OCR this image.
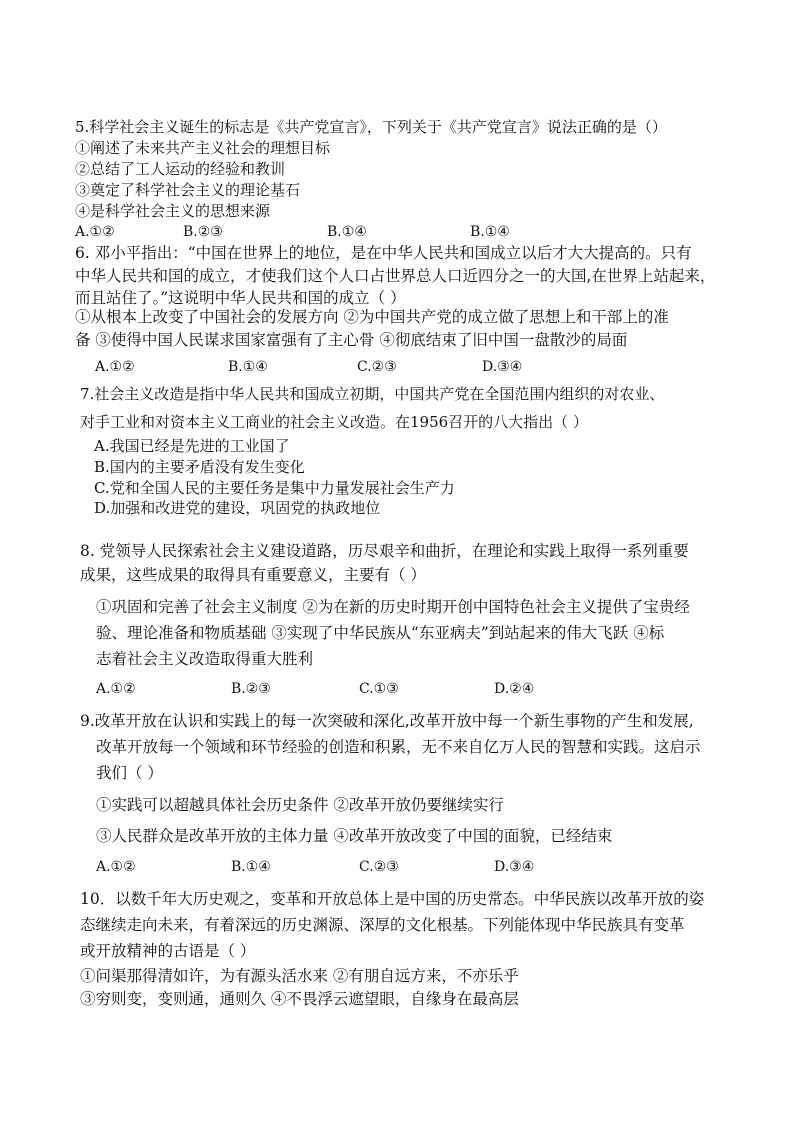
5.科学社会主义诞生的标志是《共产党宣言》，下列关于《共产党宣言》说法正确的是（）
①阐述了未来共产主义社会的理想目标
②总结了工人运动的经验和教训
③奠定了科学社会主义的理论基石
④是科学社会主义的思想来源
A.①②	B.②③	B.①④	B.①④
6. 邓小平指出：“中国在世界上的地位，是在中华人民共和国成立以后才大大提高的。只有
中华人民共和国的成立，才使我们这个人口占世界总人口近四分之一的大国,在世界上站起来，
而且站住了。”这说明中华人民共和国的成立（ ）
①从根本上改变了中国社会的发展方向 ②为中国共产党的成立做了思想上和干部上的准
备 ③使得中国人民谋求国家富强有了主心骨 ④彻底结束了旧中国一盘散沙的局面
A.①②	B.①④	C.②③	D.③④
7.社会主义改造是指中华人民共和国成立初期，中国共产党在全国范围内组织的对农业、
对手工业和对资本主义工商业的社会主义改造。在1956召开的八大指出（ ）
A.我国已经是先进的工业国了
B.国内的主要矛盾没有发生变化
C.党和全国人民的主要任务是集中力量发展社会生产力
D.加强和改进党的建设，巩固党的执政地位
8. 党领导人民探索社会主义建设道路，历尽艰辛和曲折，在理论和实践上取得一系列重要
成果，这些成果的取得具有重要意义，主要有（ ）
①巩固和完善了社会主义制度 ②为在新的历史时期开创中国特色社会主义提供了宝贵经
验、理论准备和物质基础 ③实现了中华民族从“东亚病夫”到站起来的伟大飞跃 ④标
志着社会主义改造取得重大胜利
A.①②	B.②③	C.①③	D.②④
9.改革开放在认识和实践上的每一次突破和深化,改革开放中每一个新生事物的产生和发展,
改革开放每一个领域和环节经验的创造和积累，无不来自亿万人民的智慧和实践。这启示
我们（ ）
①实践可以超越具体社会历史条件 ②改革开放仍要继续实行
③人民群众是改革开放的主体力量 ④改革开放改变了中国的面貌，已经结束
A.①②	B.①④	C.②③	D.③④
10．以数千年大历史观之，变革和开放总体上是中国的历史常态。中华民族以改革开放的姿
态继续走向未来，有着深远的历史渊源、深厚的文化根基。下列能体现中华民族具有变革
或开放精神的古语是（ ）
①问渠那得清如许，为有源头活水来 ②有朋自远方来，不亦乐乎
③穷则变，变则通，通则久 ④不畏浮云遮望眼，自缘身在最高层
